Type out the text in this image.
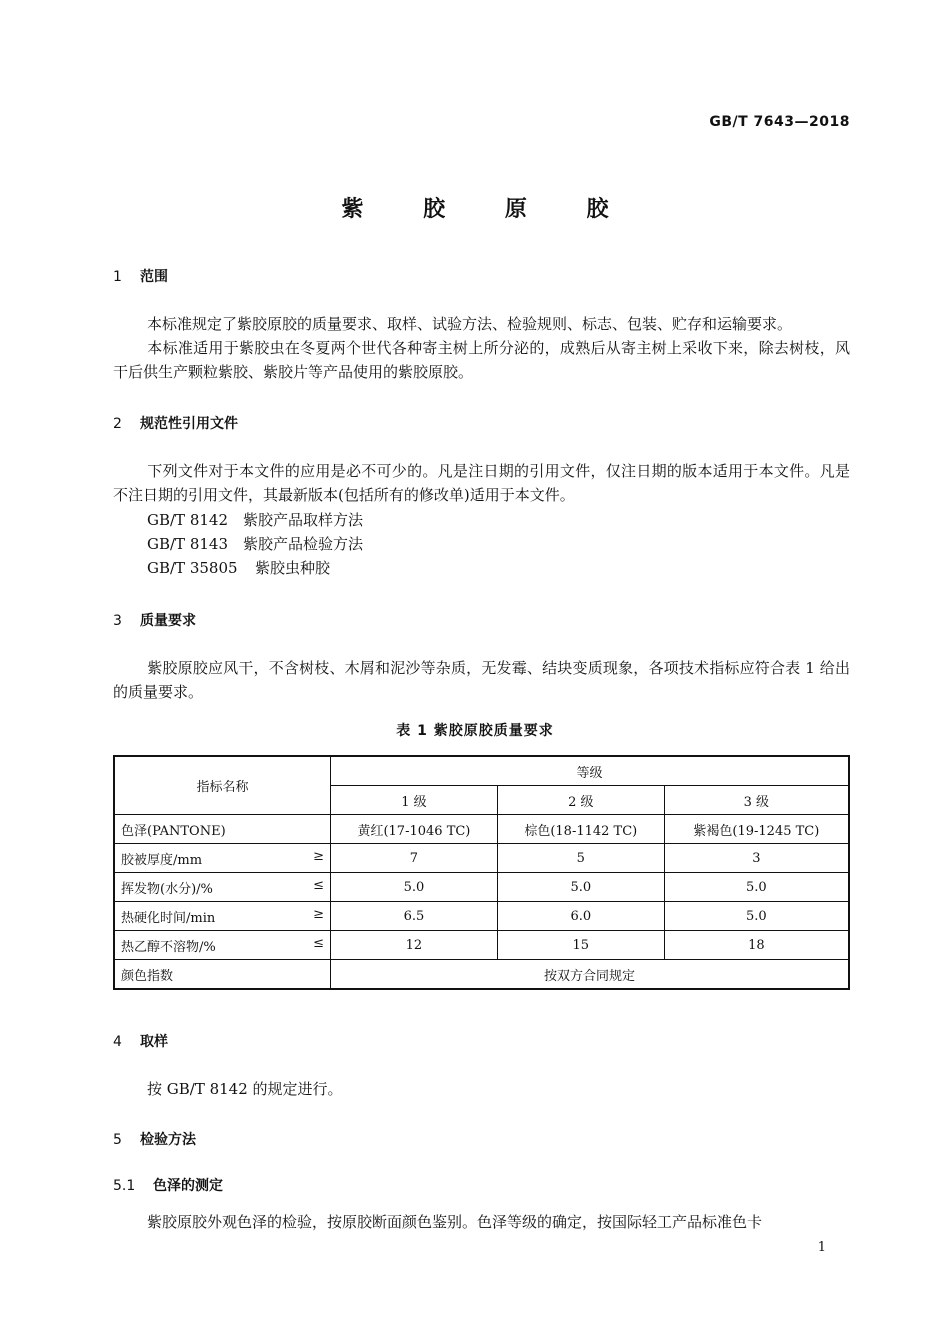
GB/T 7643—2018
紫 胶 原 胶
1 范围
本标准规定了紫胶原胶的质量要求、取样、试验方法、检验规则、标志、包装、贮存和运输要求。
本标准适用于紫胶虫在冬夏两个世代各种寄主树上所分泌的，成熟后从寄主树上采收下来，除去树枝，风干后供生产颗粒紫胶、紫胶片等产品使用的紫胶原胶。
2 规范性引用文件
下列文件对于本文件的应用是必不可少的。凡是注日期的引用文件，仅注日期的版本适用于本文件。凡是不注日期的引用文件，其最新版本(包括所有的修改单)适用于本文件。
GB/T 8142 紫胶产品取样方法
GB/T 8143 紫胶产品检验方法
GB/T 35805 紫胶虫种胶
3 质量要求
紫胶原胶应风干，不含树枝、木屑和泥沙等杂质，无发霉、结块变质现象，各项技术指标应符合表 1 给出的质量要求。
表 1 紫胶原胶质量要求
指标名称	等级		
	1 级	2 级	3 级
色泽(PANTONE)	黄红(17-1046 TC)	棕色(18-1142 TC)	紫褐色(19-1245 TC)
胶被厚度/mm ≥	7	5	3
挥发物(水分)/% ≤	5.0	5.0	5.0
热硬化时间/min ≥	6.5	6.0	5.0
热乙醇不溶物/% ≤	12	15	18
颜色指数	按双方合同规定		
4 取样
按 GB/T 8142 的规定进行。
5 检验方法
5.1 色泽的测定
紫胶原胶外观色泽的检验，按原胶断面颜色鉴别。色泽等级的确定，按国际轻工产品标准色卡
1
